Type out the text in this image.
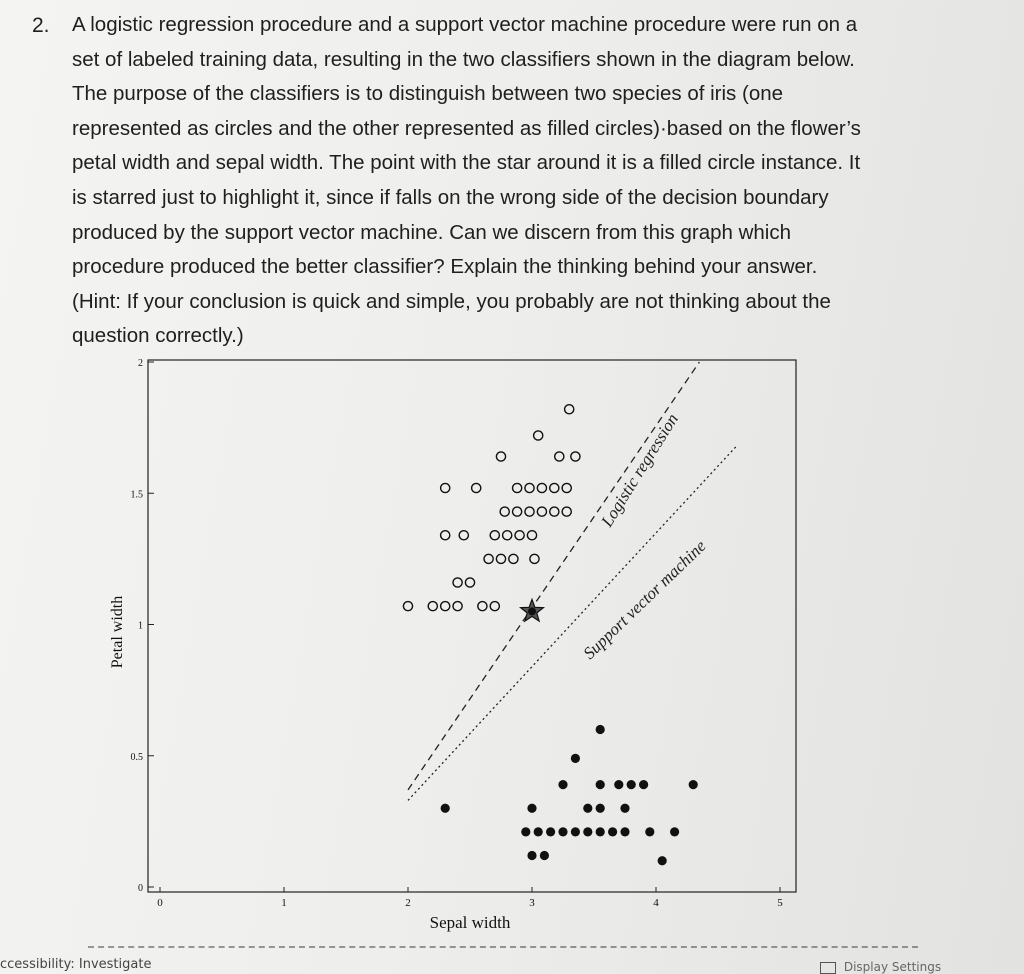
2. A logistic regression procedure and a support vector machine procedure were run on a
set of labeled training data, resulting in the two classifiers shown in the diagram below.
The purpose of the classifiers is to distinguish between two species of iris (one
represented as circles and the other represented as filled circles)·based on the flower’s
petal width and sepal width. The point with the star around it is a filled circle instance. It
is starred just to highlight it, since if falls on the wrong side of the decision boundary
produced by the support vector machine. Can we discern from this graph which
procedure produced the better classifier? Explain the thinking behind your answer.
(Hint: If your conclusion is quick and simple, you probably are not thinking about the
question correctly.)
0	1	2	3	4	5
0
0.5
1
1.5
2
Sepal width
Petal width
Logistic regression
Support vector machine
ccessibility: Investigate	Display Settings
